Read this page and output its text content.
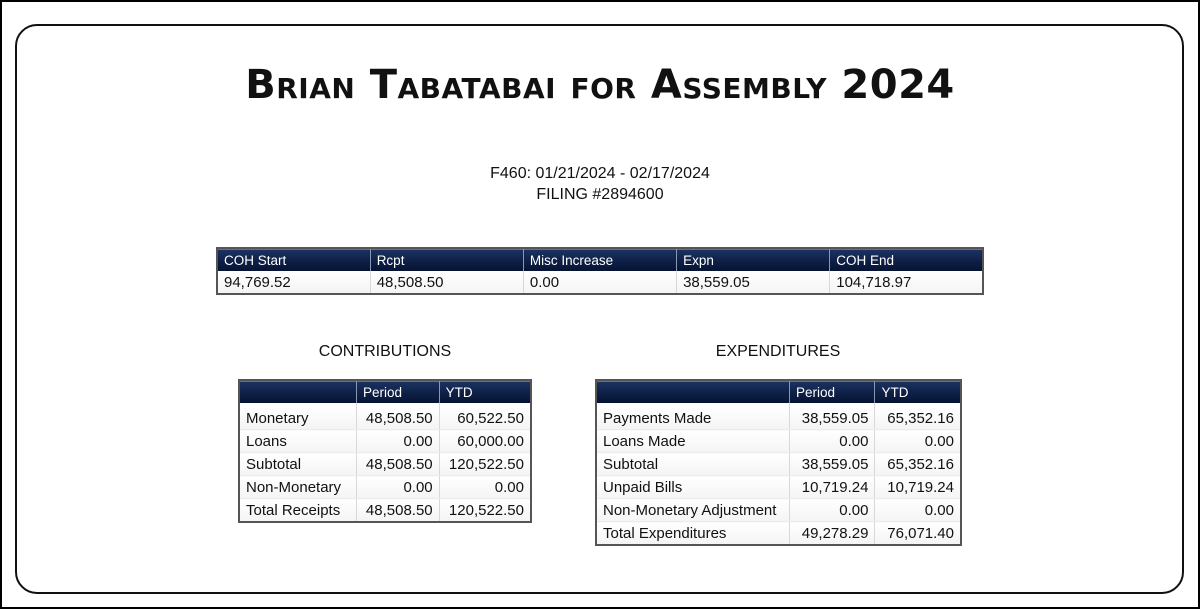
Brian Tabatabai for Assembly 2024
F460: 01/21/2024 - 02/17/2024
FILING #2894600
COH Start	Rcpt	Misc Increase	Expn	COH End
94,769.52	48,508.50	0.00	38,559.05	104,718.97
CONTRIBUTIONS	EXPENDITURES
	Period	YTD

Monetary	48,508.50	60,522.50
Loans	0.00	60,000.00
Subtotal	48,508.50	120,522.50
Non-Monetary	0.00	0.00
Total Receipts	48,508.50	120,522.50
	Period	YTD

Payments Made	38,559.05	65,352.16
Loans Made	0.00	0.00
Subtotal	38,559.05	65,352.16
Unpaid Bills	10,719.24	10,719.24
Non-Monetary Adjustment	0.00	0.00
Total Expenditures	49,278.29	76,071.40
